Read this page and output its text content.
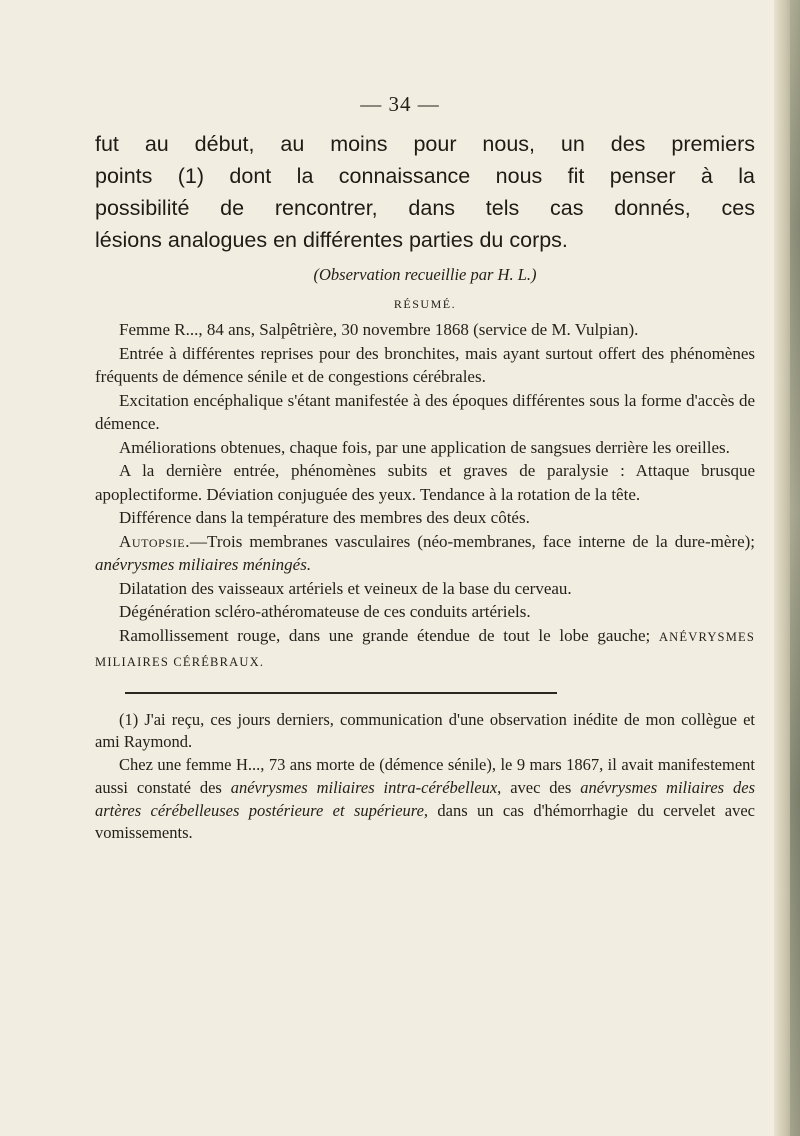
— 34 —

fut au début, au moins pour nous, un des premiers
points (1) dont la connaissance nous fit penser à la
possibilité de rencontrer, dans tels cas donnés, ces
lésions analogues en différentes parties du corps.

(Observation recueillie par H. L.)
RÉSUMÉ.

Femme R..., 84 ans, Salpêtrière, 30 novembre 1868 (service de M. Vulpian).

Entrée à différentes reprises pour des bronchites, mais ayant surtout offert des phénomènes fréquents de démence sénile et de congestions cérébrales.

Excitation encéphalique s'étant manifestée à des époques différentes sous la forme d'accès de démence.

Améliorations obtenues, chaque fois, par une application de sangsues derrière les oreilles.

A la dernière entrée, phénomènes subits et graves de paralysie : Attaque brusque apoplectiforme. Déviation conjuguée des yeux. Tendance à la rotation de la tête.

Différence dans la température des membres des deux côtés.

Autopsie.—Trois membranes vasculaires (néo-membranes, face interne de la dure-mère); anévrysmes miliaires méningés.

Dilatation des vaisseaux artériels et veineux de la base du cerveau.

Dégénération scléro-athéromateuse de ces conduits artériels.

Ramollissement rouge, dans une grande étendue de tout le lobe gauche; ANÉVRYSMES MILIAIRES CÉRÉBRAUX.

(1) J'ai reçu, ces jours derniers, communication d'une observation inédite de mon collègue et ami Raymond.

Chez une femme H..., 73 ans morte de (démence sénile), le 9 mars 1867, il avait manifestement aussi constaté des anévrysmes miliaires intra-cérébelleux, avec des anévrysmes miliaires des artères cérébelleuses postérieure et supérieure, dans un cas d'hémorrhagie du cervelet avec vomissements.
